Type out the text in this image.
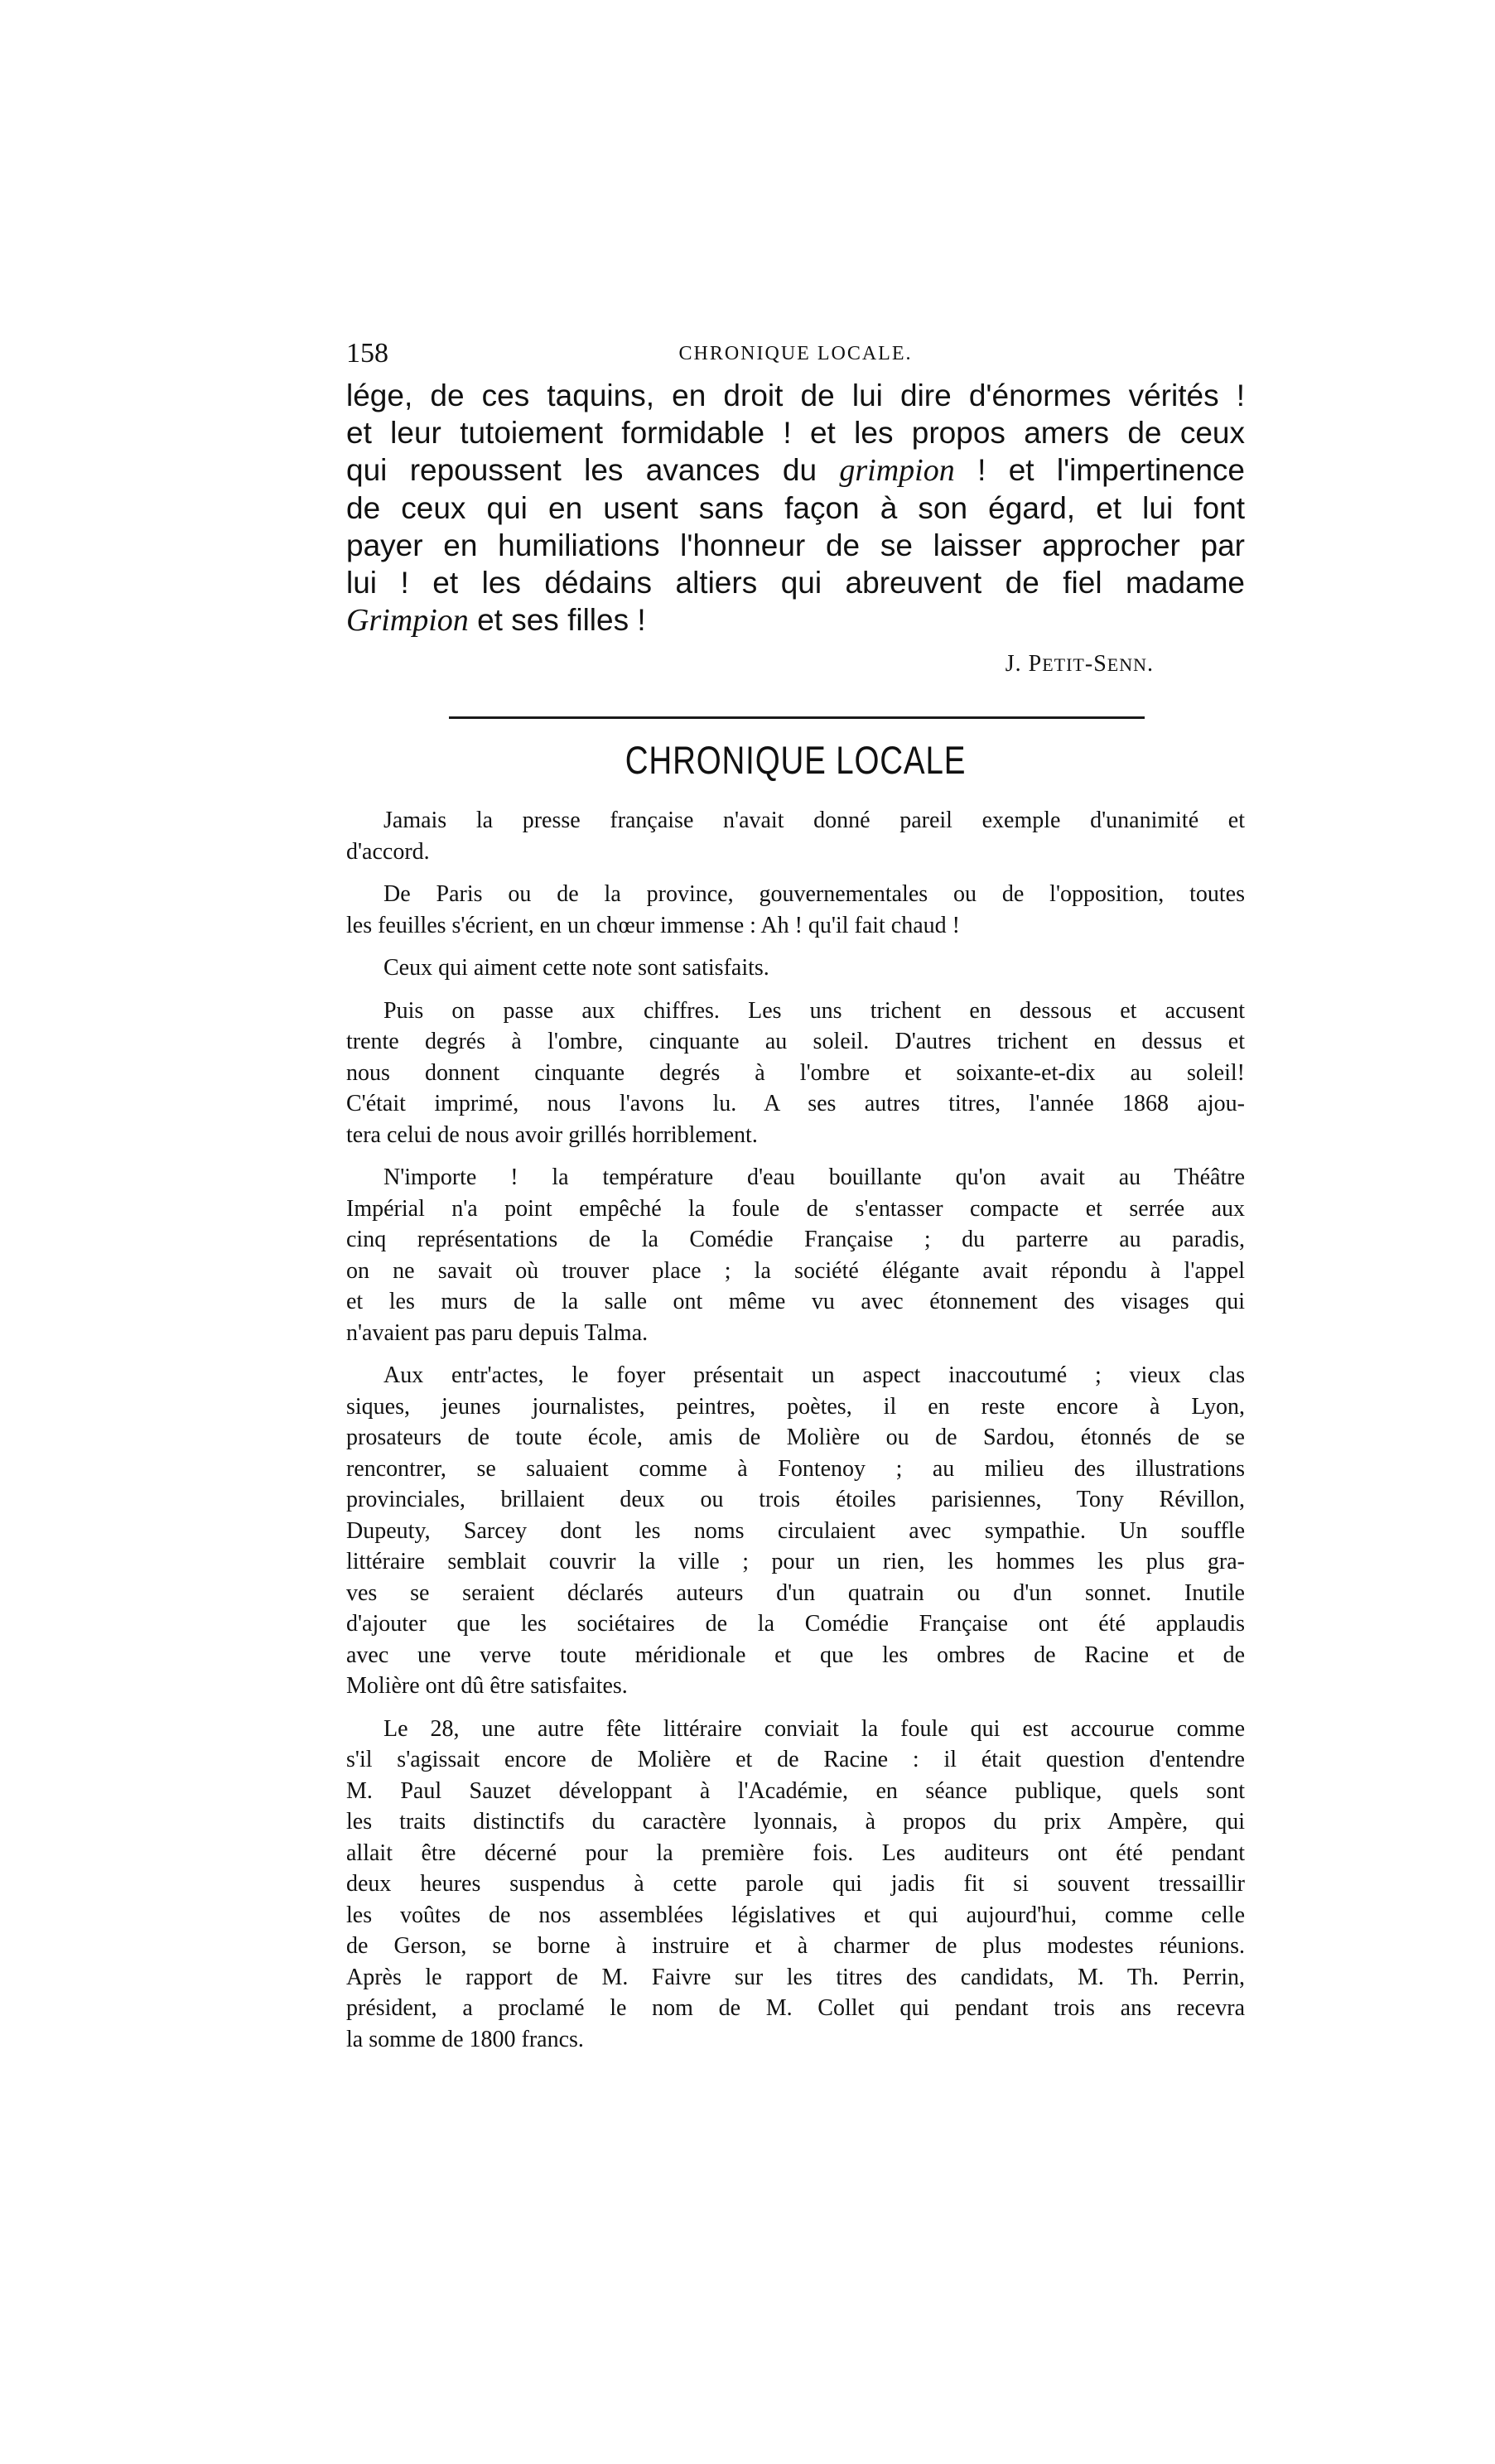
158	CHRONIQUE LOCALE.
lége, de ces taquins, en droit de lui dire d'énormes vérités !
et leur tutoiement formidable ! et les propos amers de ceux
qui repoussent les avances du grimpion ! et l'impertinence
de ceux qui en usent sans façon à son égard, et lui font
payer en humiliations l'honneur de se laisser approcher par
lui ! et les dédains altiers qui abreuvent de fiel madame
Grimpion et ses filles !
J. PETIT-SENN.
CHRONIQUE LOCALE
Jamais la presse française n'avait donné pareil exemple d'unanimité et
d'accord.
De Paris ou de la province, gouvernementales ou de l'opposition, toutes
les feuilles s'écrient, en un chœur immense : Ah ! qu'il fait chaud !
Ceux qui aiment cette note sont satisfaits.
Puis on passe aux chiffres. Les uns trichent en dessous et accusent
trente degrés à l'ombre, cinquante au soleil. D'autres trichent en dessus et
nous donnent cinquante degrés à l'ombre et soixante-et-dix au soleil!
C'était imprimé, nous l'avons lu. A ses autres titres, l'année 1868 ajou-
tera celui de nous avoir grillés horriblement.
N'importe ! la température d'eau bouillante qu'on avait au Théâtre
Impérial n'a point empêché la foule de s'entasser compacte et serrée aux
cinq représentations de la Comédie Française ; du parterre au paradis,
on ne savait où trouver place ; la société élégante avait répondu à l'appel
et les murs de la salle ont même vu avec étonnement des visages qui
n'avaient pas paru depuis Talma.
Aux entr'actes, le foyer présentait un aspect inaccoutumé ; vieux clas
siques, jeunes journalistes, peintres, poètes, il en reste encore à Lyon,
prosateurs de toute école, amis de Molière ou de Sardou, étonnés de se
rencontrer, se saluaient comme à Fontenoy ; au milieu des illustrations
provinciales, brillaient deux ou trois étoiles parisiennes, Tony Révillon,
Dupeuty, Sarcey dont les noms circulaient avec sympathie. Un souffle
littéraire semblait couvrir la ville ; pour un rien, les hommes les plus gra-
ves se seraient déclarés auteurs d'un quatrain ou d'un sonnet. Inutile
d'ajouter que les sociétaires de la Comédie Française ont été applaudis
avec une verve toute méridionale et que les ombres de Racine et de
Molière ont dû être satisfaites.
Le 28, une autre fête littéraire conviait la foule qui est accourue comme
s'il s'agissait encore de Molière et de Racine : il était question d'entendre
M. Paul Sauzet développant à l'Académie, en séance publique, quels sont
les traits distinctifs du caractère lyonnais, à propos du prix Ampère, qui
allait être décerné pour la première fois. Les auditeurs ont été pendant
deux heures suspendus à cette parole qui jadis fit si souvent tressaillir
les voûtes de nos assemblées législatives et qui aujourd'hui, comme celle
de Gerson, se borne à instruire et à charmer de plus modestes réunions.
Après le rapport de M. Faivre sur les titres des candidats, M. Th. Perrin,
président, a proclamé le nom de M. Collet qui pendant trois ans recevra
la somme de 1800 francs.
